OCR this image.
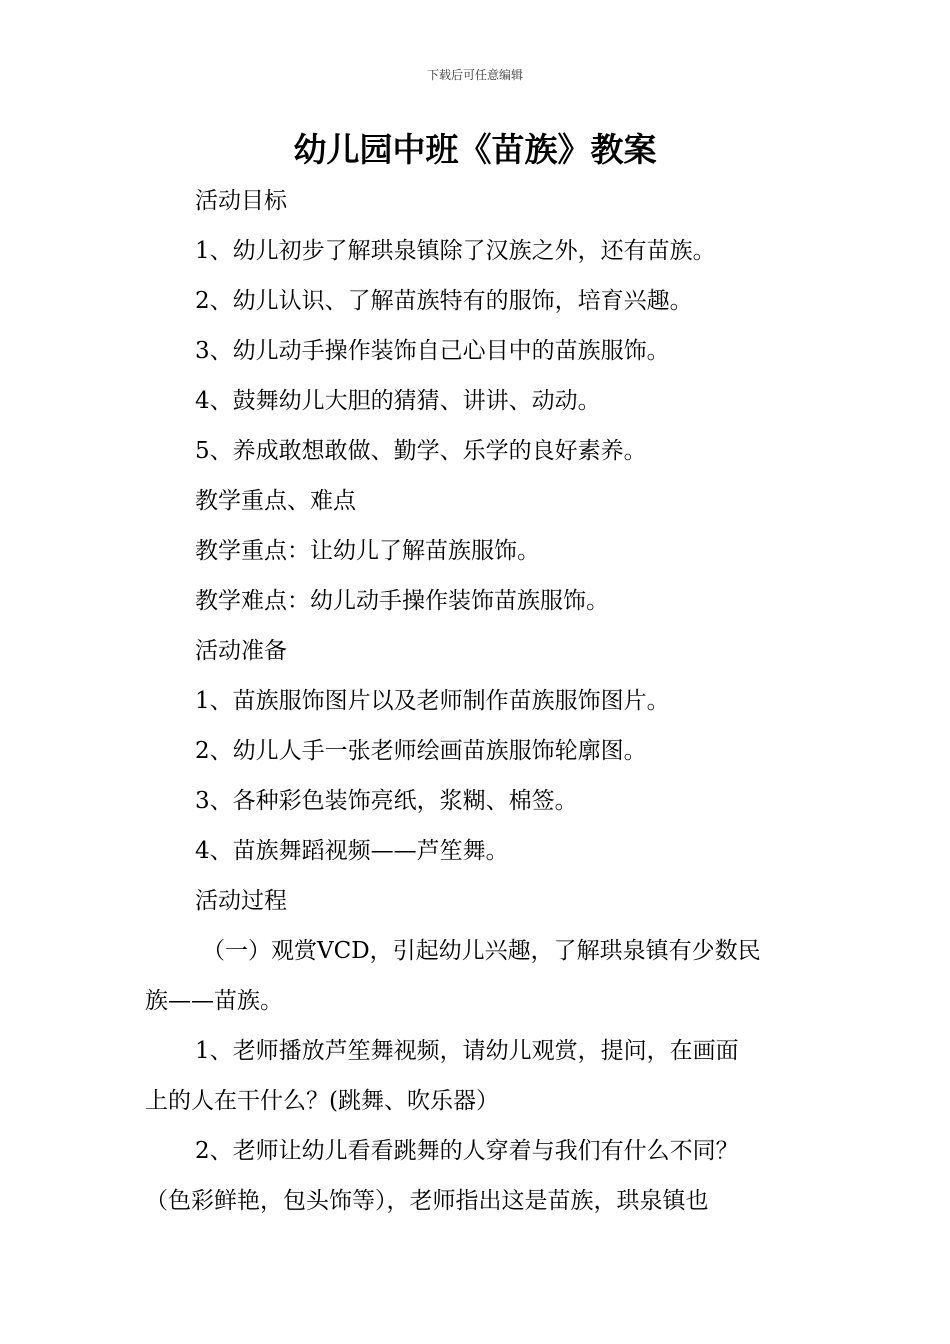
下载后可任意编辑
幼儿园中班《苗族》教案
活动目标
1、幼儿初步了解珙泉镇除了汉族之外，还有苗族。
2、幼儿认识、了解苗族特有的服饰，培育兴趣。
3、幼儿动手操作装饰自己心目中的苗族服饰。
4、鼓舞幼儿大胆的猜猜、讲讲、动动。
5、养成敢想敢做、勤学、乐学的良好素养。
教学重点、难点
教学重点：让幼儿了解苗族服饰。
教学难点：幼儿动手操作装饰苗族服饰。
活动准备
1、苗族服饰图片以及老师制作苗族服饰图片。
2、幼儿人手一张老师绘画苗族服饰轮廓图。
3、各种彩色装饰亮纸，浆糊、棉签。
4、苗族舞蹈视频——芦笙舞。
活动过程
（一）观赏VCD，引起幼儿兴趣，了解珙泉镇有少数民
族——苗族。
1、老师播放芦笙舞视频，请幼儿观赏，提问，在画面
上的人在干什么？(跳舞、吹乐器）
2、老师让幼儿看看跳舞的人穿着与我们有什么不同？
（色彩鲜艳，包头饰等），老师指出这是苗族，珙泉镇也
